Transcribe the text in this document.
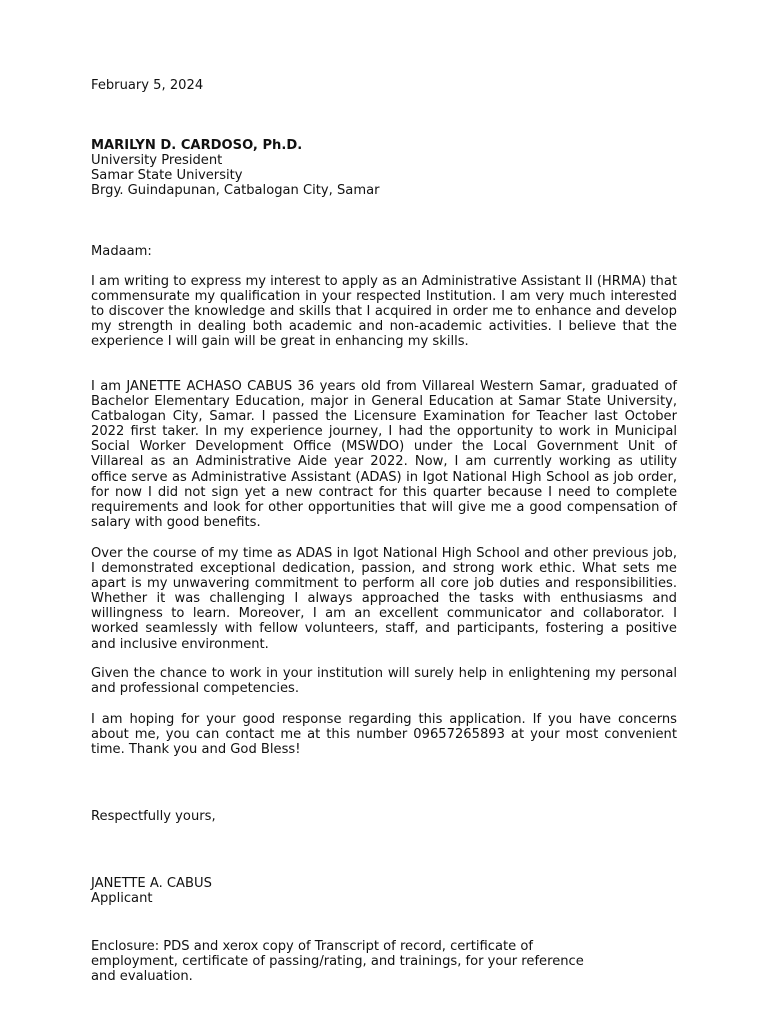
February 5, 2024
MARILYN D. CARDOSO, Ph.D.
University President
Samar State University
Brgy. Guindapunan, Catbalogan City, Samar
Madaam:
I am writing to express my interest to apply as an Administrative Assistant II (HRMA) that commensurate my qualification in your respected Institution. I am very much interested to discover the knowledge and skills that I acquired in order me to enhance and develop my strength in dealing both academic and non-academic activities. I believe that the experience I will gain will be great in enhancing my skills.
I am JANETTE ACHASO CABUS 36 years old from Villareal Western Samar, graduated of Bachelor Elementary Education, major in General Education at Samar State University, Catbalogan City, Samar. I passed the Licensure Examination for Teacher last October 2022 first taker. In my experience journey, I had the opportunity to work in Municipal Social Worker Development Office (MSWDO) under the Local Government Unit of Villareal as an Administrative Aide year 2022. Now, I am currently working as utility office serve as Administrative Assistant (ADAS) in Igot National High School as job order, for now I did not sign yet a new contract for this quarter because I need to complete requirements and look for other opportunities that will give me a good compensation of salary with good benefits.
Over the course of my time as ADAS in Igot National High School and other previous job, I demonstrated exceptional dedication, passion, and strong work ethic. What sets me apart is my unwavering commitment to perform all core job duties and responsibilities. Whether it was challenging I always approached the tasks with enthusiasms and willingness to learn. Moreover, I am an excellent communicator and collaborator. I worked seamlessly with fellow volunteers, staff, and participants, fostering a positive and inclusive environment.
Given the chance to work in your institution will surely help in enlightening my personal and professional competencies.
I am hoping for your good response regarding this application. If you have concerns about me, you can contact me at this number 09657265893 at your most convenient time. Thank you and God Bless!
Respectfully yours,
JANETTE A. CABUS
Applicant
Enclosure: PDS and xerox copy of Transcript of record, certificate of
employment, certificate of passing/rating, and trainings, for your reference
and evaluation.
